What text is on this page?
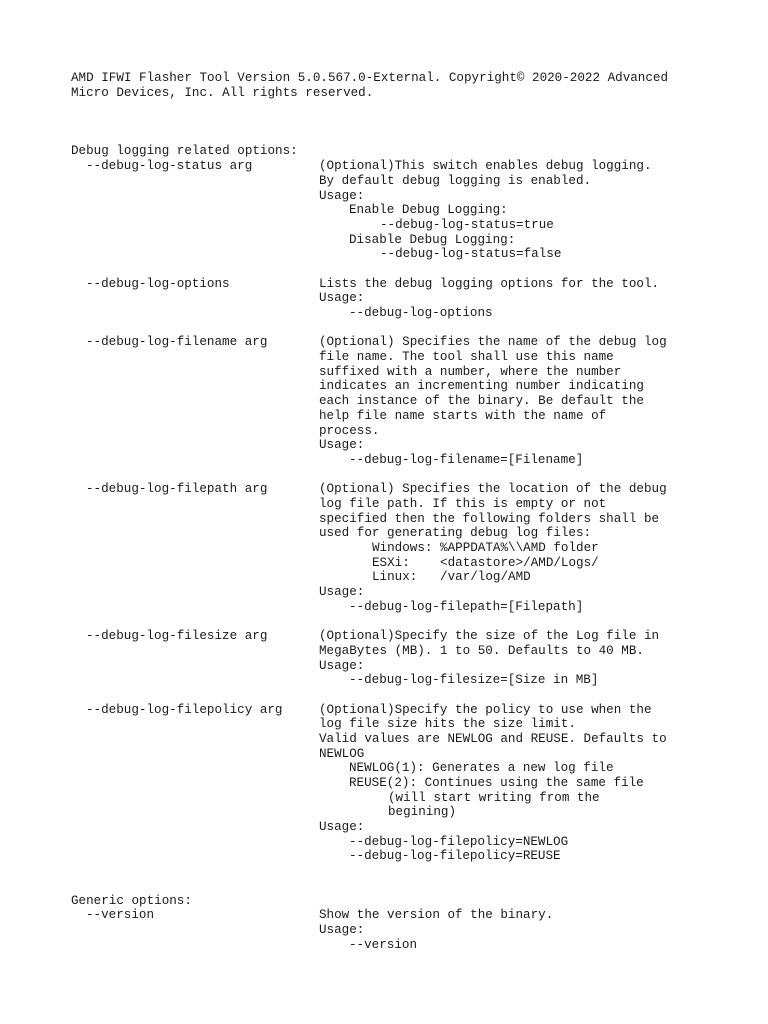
AMD IFWI Flasher Tool Version 5.0.567.0-External. Copyright© 2020-2022 Advanced
Micro Devices, Inc. All rights reserved.
Debug logging related options:
--debug-log-status arg	(Optional)This switch enables debug logging.
By default debug logging is enabled.
Usage:
Enable Debug Logging:
--debug-log-status=true
Disable Debug Logging:
--debug-log-status=false
--debug-log-options	Lists the debug logging options for the tool.
Usage:
--debug-log-options
--debug-log-filename arg	(Optional) Specifies the name of the debug log
file name. The tool shall use this name
suffixed with a number, where the number
indicates an incrementing number indicating
each instance of the binary. Be default the
help file name starts with the name of
process.
Usage:
--debug-log-filename=[Filename]
--debug-log-filepath arg	(Optional) Specifies the location of the debug
log file path. If this is empty or not
specified then the following folders shall be
used for generating debug log files:
Windows: %APPDATA%\\AMD folder
ESXi:    <datastore>/AMD/Logs/
Linux:   /var/log/AMD
Usage:
--debug-log-filepath=[Filepath]
--debug-log-filesize arg	(Optional)Specify the size of the Log file in
MegaBytes (MB). 1 to 50. Defaults to 40 MB.
Usage:
--debug-log-filesize=[Size in MB]
--debug-log-filepolicy arg	(Optional)Specify the policy to use when the
log file size hits the size limit.
Valid values are NEWLOG and REUSE. Defaults to
NEWLOG
NEWLOG(1): Generates a new log file
REUSE(2): Continues using the same file
(will start writing from the
begining)
Usage:
--debug-log-filepolicy=NEWLOG
--debug-log-filepolicy=REUSE
Generic options:
--version	Show the version of the binary.
Usage:
--version
